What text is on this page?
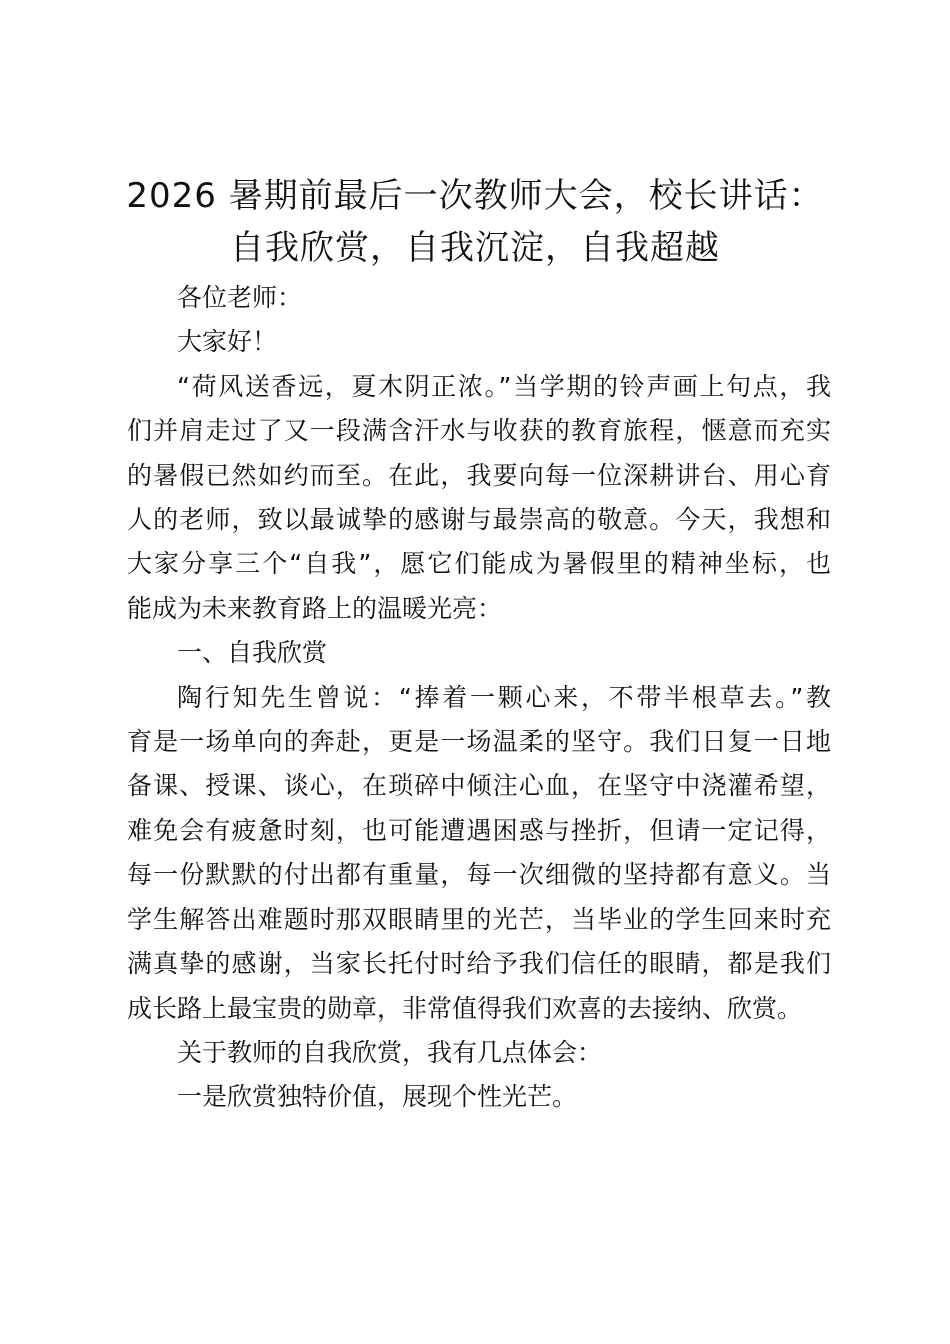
2026 暑期前最后一次教师大会，校长讲话：
自我欣赏，自我沉淀，自我超越

各位老师：

大家好！

“荷风送香远，夏木阴正浓。”当学期的铃声画上句点，我
们并肩走过了又一段满含汗水与收获的教育旅程，惬意而充实
的暑假已然如约而至。在此，我要向每一位深耕讲台、用心育
人的老师，致以最诚挚的感谢与最崇高的敬意。今天，我想和
大家分享三个“自我”，愿它们能成为暑假里的精神坐标，也
能成为未来教育路上的温暖光亮：

一、自我欣赏

陶行知先生曾说：“捧着一颗心来，不带半根草去。”教
育是一场单向的奔赴，更是一场温柔的坚守。我们日复一日地
备课、授课、谈心，在琐碎中倾注心血，在坚守中浇灌希望，
难免会有疲惫时刻，也可能遭遇困惑与挫折，但请一定记得，
每一份默默的付出都有重量，每一次细微的坚持都有意义。当
学生解答出难题时那双眼睛里的光芒，当毕业的学生回来时充
满真挚的感谢，当家长托付时给予我们信任的眼睛，都是我们
成长路上最宝贵的勋章，非常值得我们欢喜的去接纳、欣赏。

关于教师的自我欣赏，我有几点体会：

一是欣赏独特价值，展现个性光芒。
